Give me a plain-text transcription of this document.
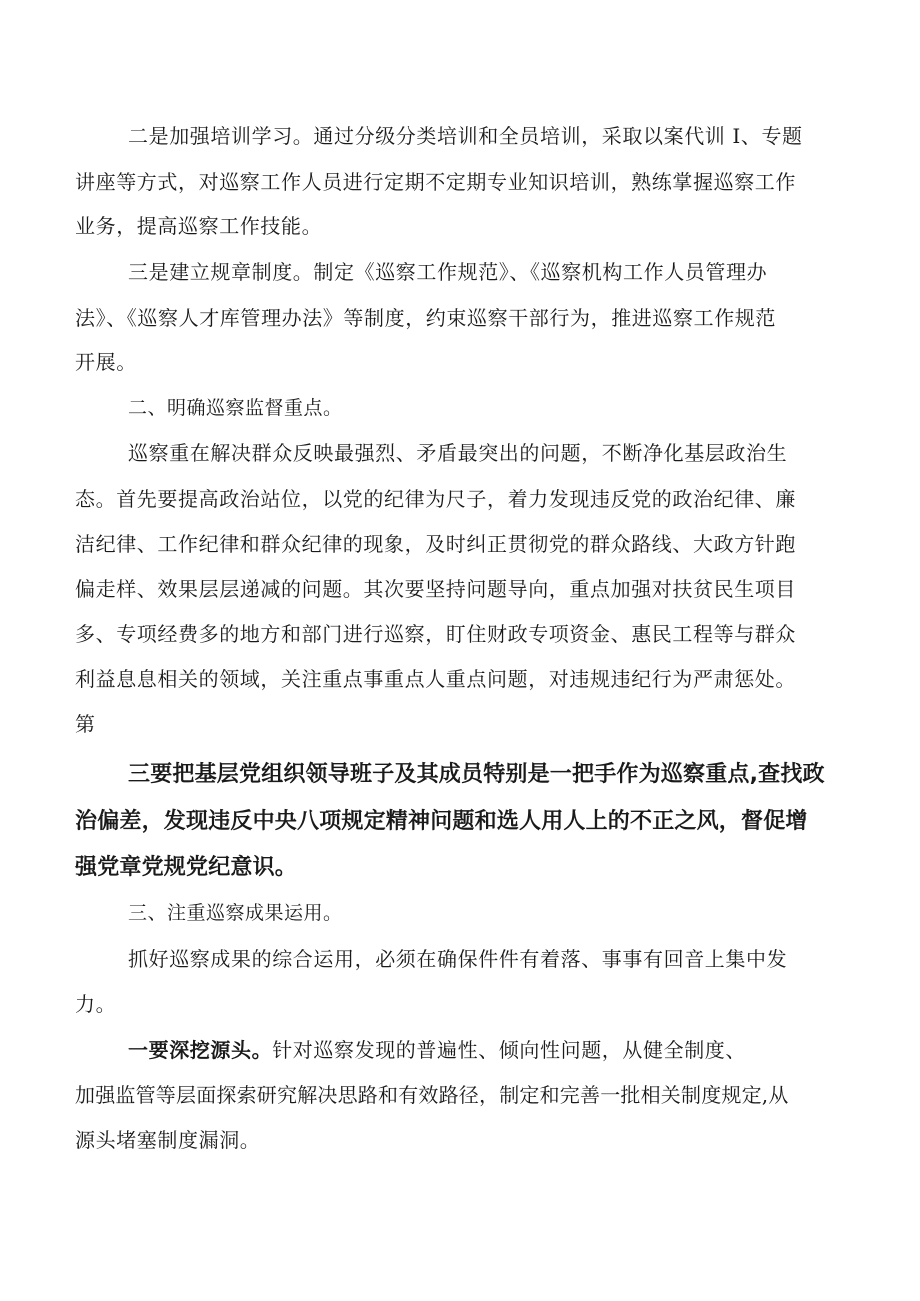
二是加强培训学习。通过分级分类培训和全员培训，采取以案代训 I、专题
讲座等方式，对巡察工作人员进行定期不定期专业知识培训，熟练掌握巡察工作
业务，提高巡察工作技能。
三是建立规章制度。制定《巡察工作规范》、《巡察机构工作人员管理办
法》、《巡察人才库管理办法》等制度，约束巡察干部行为，推进巡察工作规范
开展。
二、明确巡察监督重点。
巡察重在解决群众反映最强烈、矛盾最突出的问题，不断净化基层政治生
态。首先要提高政治站位，以党的纪律为尺子，着力发现违反党的政治纪律、廉
洁纪律、工作纪律和群众纪律的现象，及时纠正贯彻党的群众路线、大政方针跑
偏走样、效果层层递减的问题。其次要坚持问题导向，重点加强对扶贫民生项目
多、专项经费多的地方和部门进行巡察，盯住财政专项资金、惠民工程等与群众
利益息息相关的领域，关注重点事重点人重点问题，对违规违纪行为严肃惩处。
第
三要把基层党组织领导班子及其成员特别是一把手作为巡察重点,查找政
治偏差，发现违反中央八项规定精神问题和选人用人上的不正之风，督促增
强党章党规党纪意识。
三、注重巡察成果运用。
抓好巡察成果的综合运用，必须在确保件件有着落、事事有回音上集中发
力。
一要深挖源头。针对巡察发现的普遍性、倾向性问题，从健全制度、
加强监管等层面探索研究解决思路和有效路径，制定和完善一批相关制度规定,从
源头堵塞制度漏洞。
